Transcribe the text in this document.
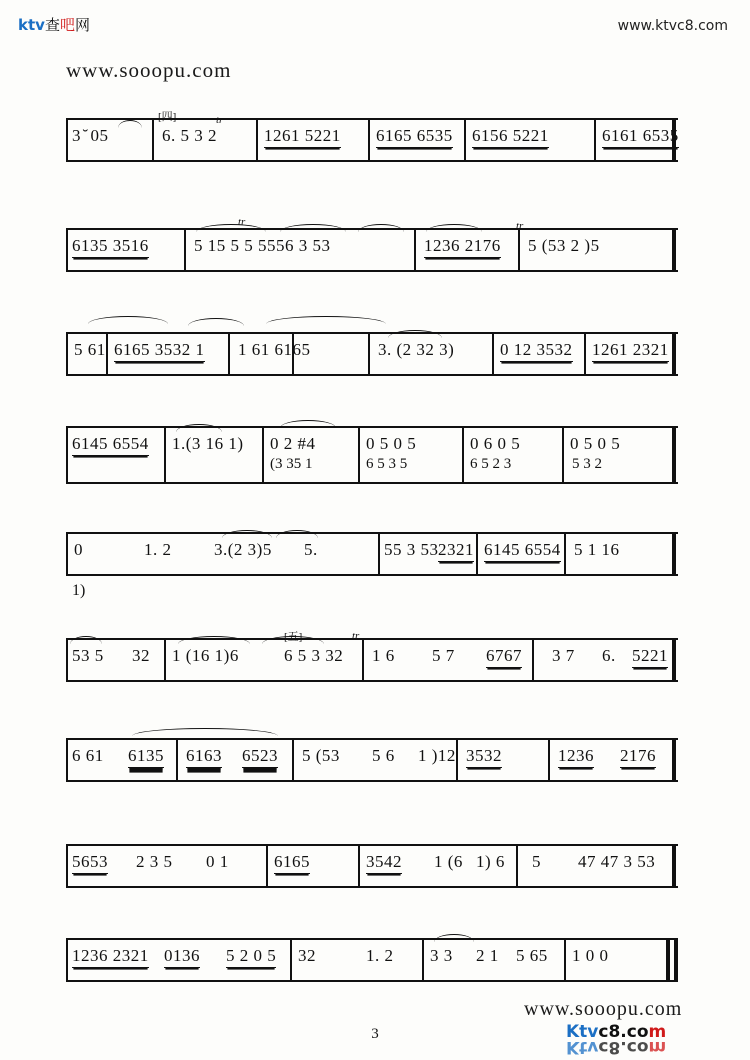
ktv查吧网	www.ktvc8.com
www.sooopu.com
www.sooopu.com
Ktvc8.com
Ktvc8.com
3
[四]
3 ̆ 05	6. 5 3 2	1261 5221 6165 6535 6156 5221	6161 6535
tr
6135 3516	5 15 5 5 5556 3 53	1236 2176 5 (53 2 )5
tr	tr
5 61 6165 3532 1 1 61 6165	3. (2 32 3)	0 12 3532 1261 2321
6145 6554 1.(3 16 1) 0 2 #4	0 5 0 5	0 6 0 5	0 5 0 5
(3 35 1	6 5 3 5	6 5 2 3	5 3 2
0	1. 2	3.(2 3)5 5.	55 3 53 2321 6145 6554 5 1 16
1)
[五]	tr
53 5 32 1 (16 1)6	6 5 3 32 1 6 5 7 6767 3 7 6. 5221
6 61 6135 6163 6523 5 (53 5 6 1 )12 3532	1236 2176
5653 2 3 5 0 1	6165	3542 1 (6 1) 6 5 47 47 3 53
1236 2321 0136 5 2 0 5 32	1. 2 3 3 2 1 5 65 1 0 0
